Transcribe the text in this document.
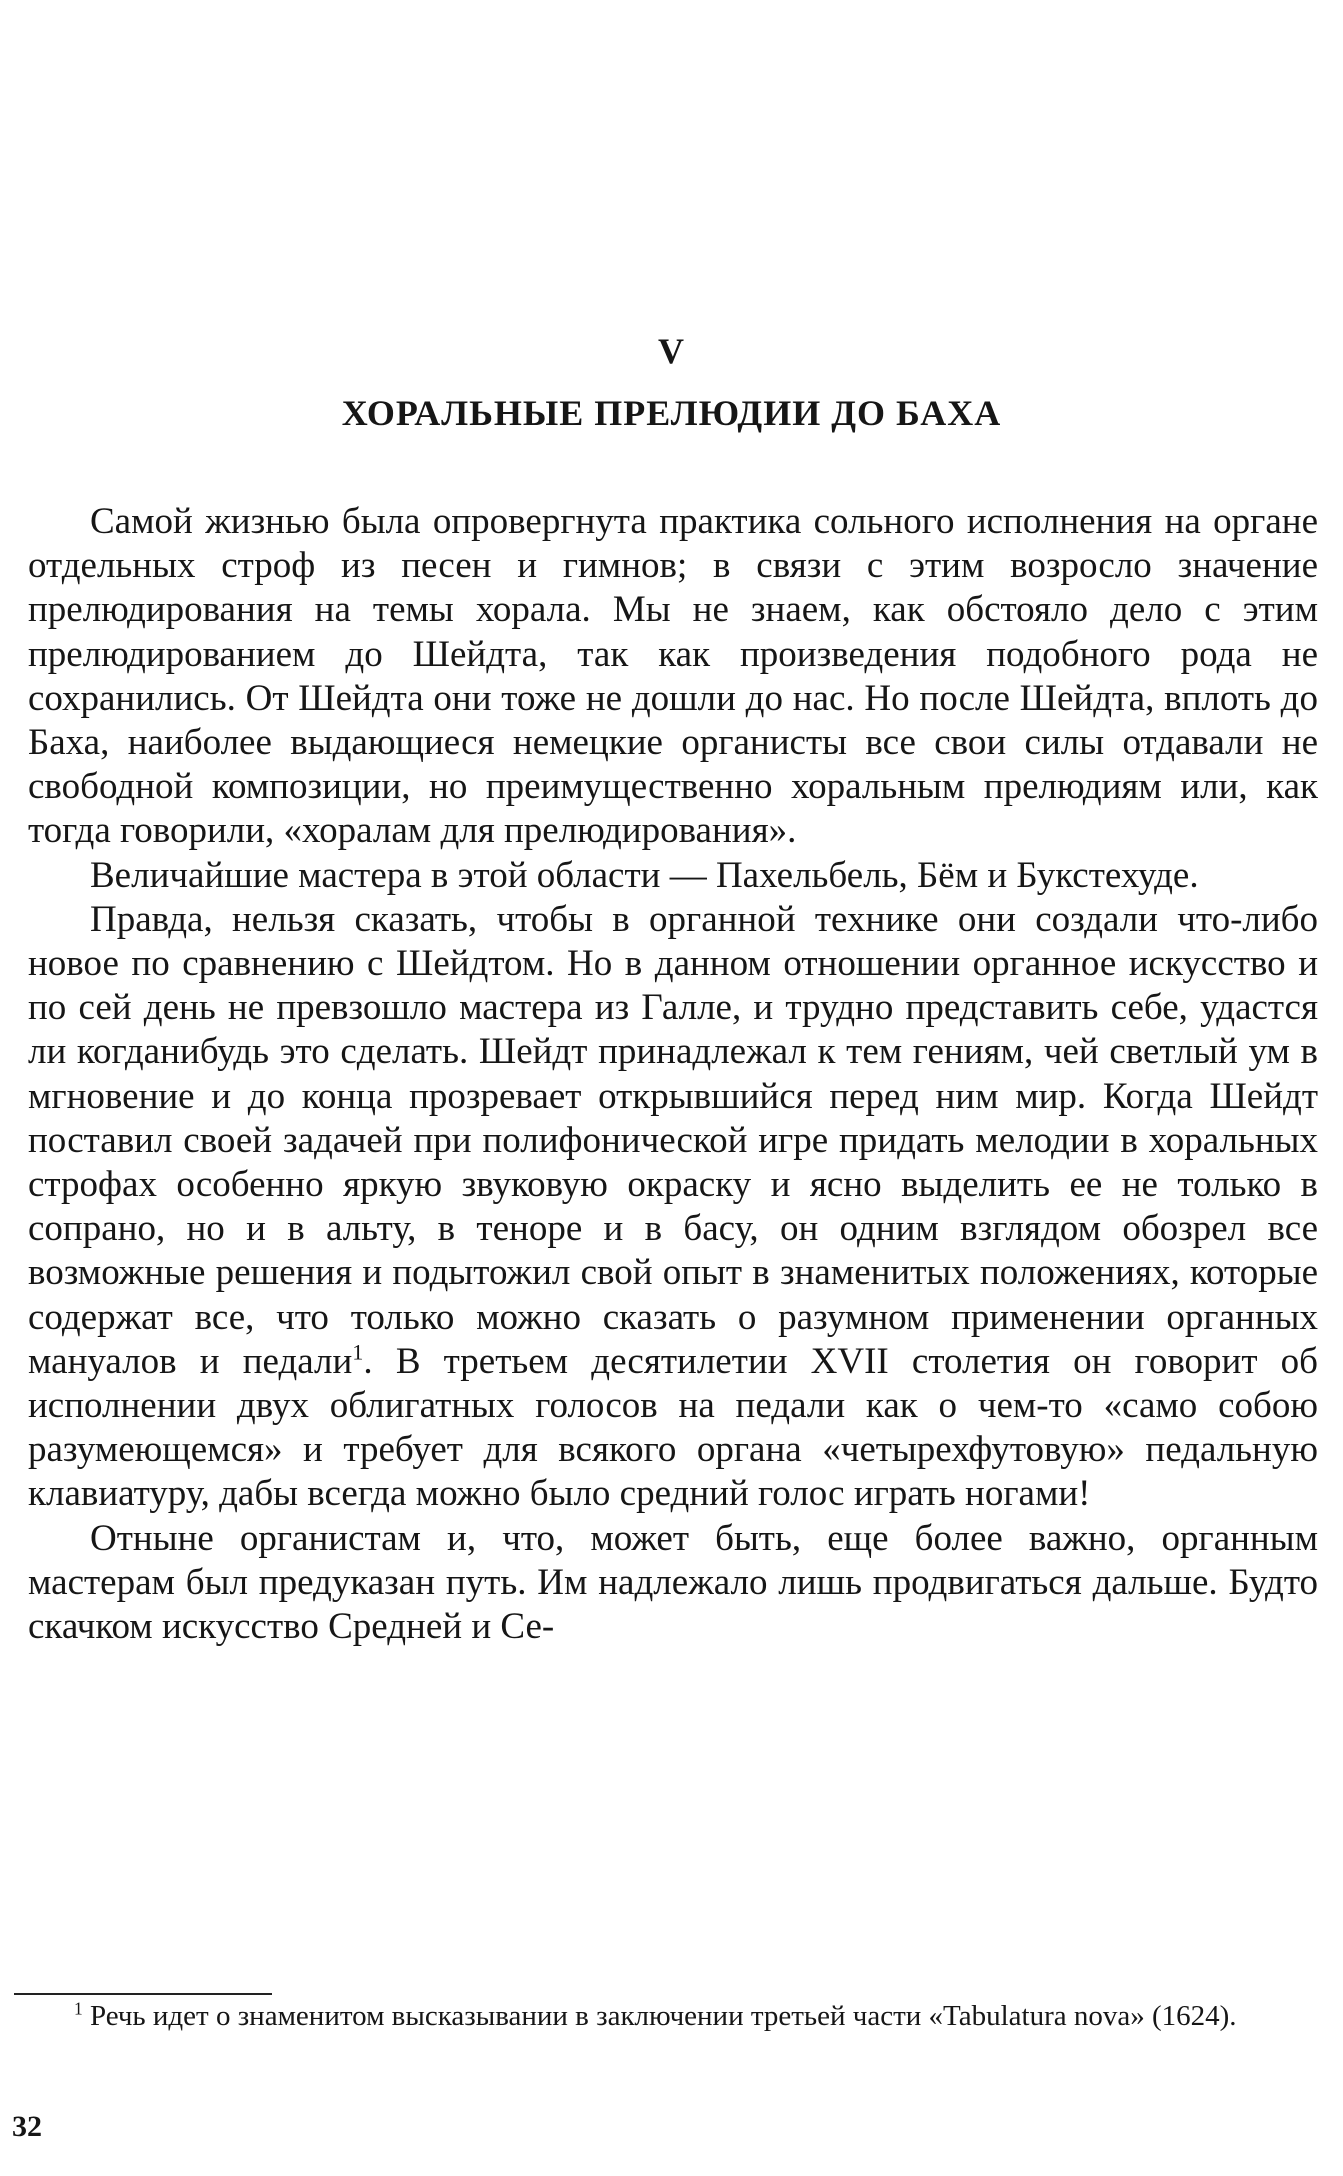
V
ХОРАЛЬНЫЕ ПРЕЛЮДИИ ДО БАХА

Самой жизнью была опровергнута практика сольного исполнения на органе отдельных строф из песен и гимнов; в связи с этим возросло значение прелюдирования на темы хорала. Мы не знаем, как обстояло дело с этим прелюдированием до Шейдта, так как произведения подобного рода не сохранились. От Шейдта они тоже не дошли до нас. Но после Шейдта, вплоть до Баха, наиболее выдающиеся немецкие органисты все свои силы отдавали не свободной композиции, но преимущественно хоральным прелюдиям или, как тогда говорили, «хоралам для прелюдирования».

Величайшие мастера в этой области — Пахельбель, Бём и Букстехуде.

Правда, нельзя сказать, чтобы в органной технике они создали что-либо новое по сравнению с Шейдтом. Но в данном отношении органное искусство и по сей день не превзошло мастера из Галле, и трудно представить себе, удастся ли когданибудь это сделать. Шейдт принадлежал к тем гениям, чей светлый ум в мгновение и до конца прозревает открывшийся перед ним мир. Когда Шейдт поставил своей задачей при полифонической игре придать мелодии в хоральных строфах особенно яркую звуковую окраску и ясно выделить ее не только в сопрано, но и в альту, в теноре и в басу, он одним взглядом обозрел все возможные решения и подытожил свой опыт в знаменитых положениях, которые содержат все, что только можно сказать о разумном применении органных мануалов и педали$^1$. В третьем десятилетии XVII столетия он говорит об исполнении двух облигатных голосов на педали как о чем-то «само собою разумеющемся» и требует для всякого органа «четырехфутовую» педальную клавиатуру, дабы всегда можно было средний голос играть ногами!

Отныне органистам и, что, может быть, еще более важно, органным мастерам был предуказан путь. Им надлежало лишь продвигаться дальше. Будто скачком искусство Средней и Се-

$^1$ Речь идет о знаменитом высказывании в заключении третьей части «Tabulatura nova» (1624).

32
